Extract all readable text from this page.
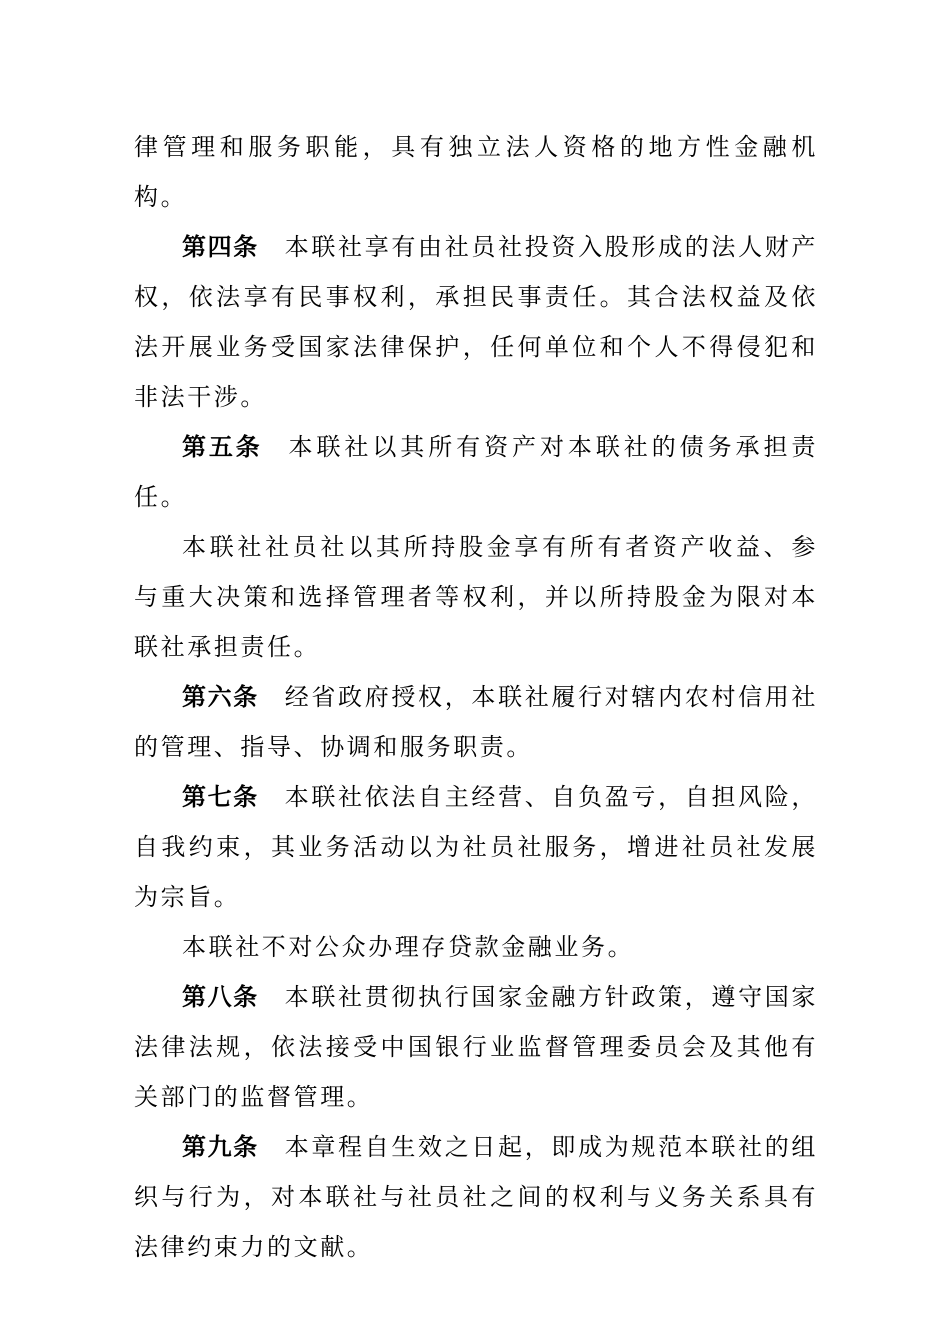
律管理和服务职能，具有独立法人资格的地方性金融机构。

第四条 本联社享有由社员社投资入股形成的法人财产权，依法享有民事权利，承担民事责任。其合法权益及依法开展业务受国家法律保护，任何单位和个人不得侵犯和非法干涉。

第五条 本联社以其所有资产对本联社的债务承担责任。

本联社社员社以其所持股金享有所有者资产收益、参与重大决策和选择管理者等权利，并以所持股金为限对本联社承担责任。

第六条 经省政府授权，本联社履行对辖内农村信用社的管理、指导、协调和服务职责。

第七条 本联社依法自主经营、自负盈亏，自担风险，自我约束，其业务活动以为社员社服务，增进社员社发展为宗旨。

本联社不对公众办理存贷款金融业务。

第八条 本联社贯彻执行国家金融方针政策，遵守国家法律法规，依法接受中国银行业监督管理委员会及其他有关部门的监督管理。

第九条 本章程自生效之日起，即成为规范本联社的组织与行为，对本联社与社员社之间的权利与义务关系具有法律约束力的文献。
